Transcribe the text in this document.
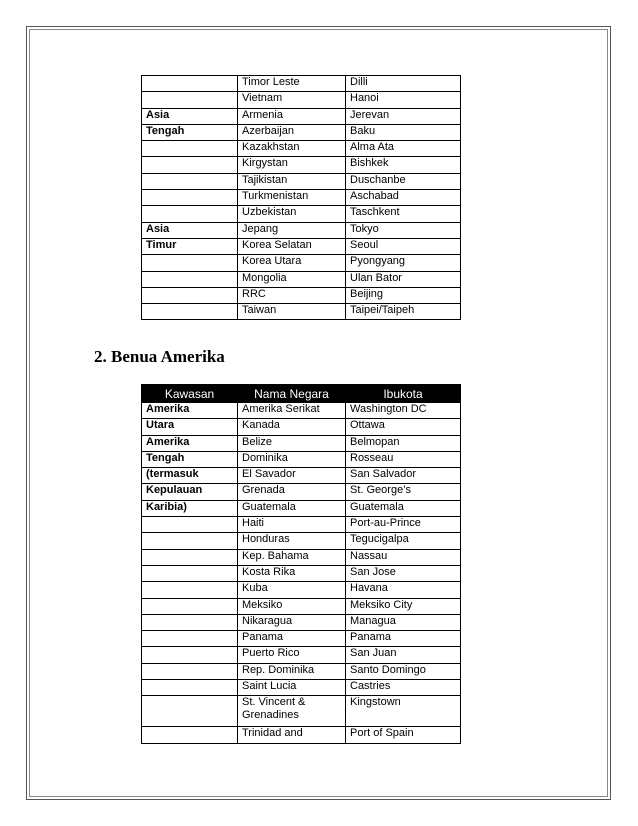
	Timor Leste	Dilli
	Vietnam	Hanoi
Asia	Armenia	Jerevan
Tengah	Azerbaijan	Baku
	Kazakhstan	Alma Ata
	Kirgystan	Bishkek
	Tajikistan	Duschanbe
	Turkmenistan	Aschabad
	Uzbekistan	Taschkent
Asia	Jepang	Tokyo
Timur	Korea Selatan	Seoul
	Korea Utara	Pyongyang
	Mongolia	Ulan Bator
	RRC	Beijing
	Taiwan	Taipei/Taipeh
2. Benua Amerika
Kawasan	Nama Negara	Ibukota
Amerika	Amerika Serikat	Washington DC
Utara	Kanada	Ottawa
Amerika	Belize	Belmopan
Tengah	Dominika	Rosseau
(termasuk	El Savador	San Salvador
Kepulauan	Grenada	St. George’s
Karibia)	Guatemala	Guatemala
	Haiti	Port-au-Prince
	Honduras	Tegucigalpa
	Kep. Bahama	Nassau
	Kosta Rika	San Jose
	Kuba	Havana
	Meksiko	Meksiko City
	Nikaragua	Managua
	Panama	Panama
	Puerto Rico	San Juan
	Rep. Dominika	Santo Domingo
	Saint Lucia	Castries
	St. Vincent & Grenadines	Kingstown
	Trinidad and	Port of Spain
